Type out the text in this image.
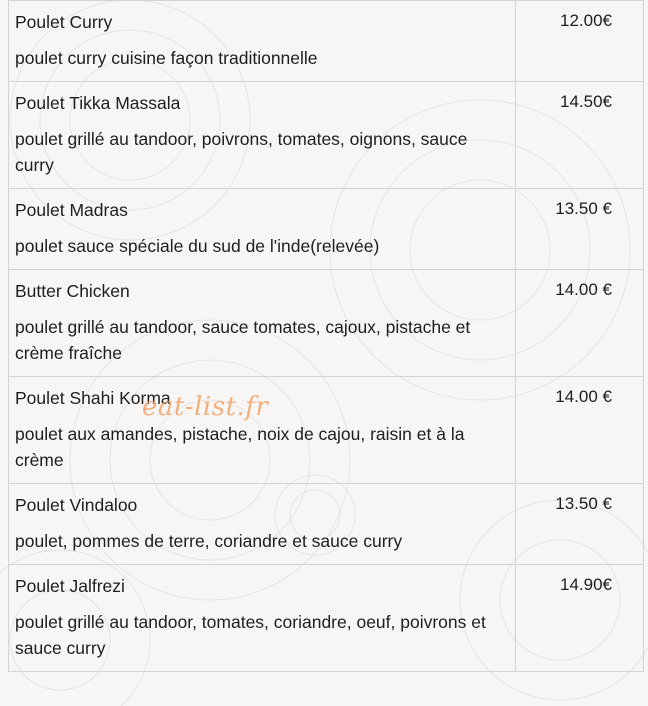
Poulet Curry
poulet curry cuisine façon traditionnelle	12.00€

Poulet Tikka Massala
poulet grillé au tandoor, poivrons, tomates, oignons, sauce curry	14.50€

Poulet Madras
poulet sauce spéciale du sud de l'inde(relevée)	13.50 €

Butter Chicken
poulet grillé au tandoor, sauce tomates, cajoux, pistache et crème fraîche	14.00 €

Poulet Shahi Korma
poulet aux amandes, pistache, noix de cajou, raisin et à la crème	14.00 €

Poulet Vindaloo
poulet, pommes de terre, coriandre et sauce curry	13.50 €

Poulet Jalfrezi
poulet grillé au tandoor, tomates, coriandre, oeuf, poivrons et sauce curry	14.90€
eat-list.fr
